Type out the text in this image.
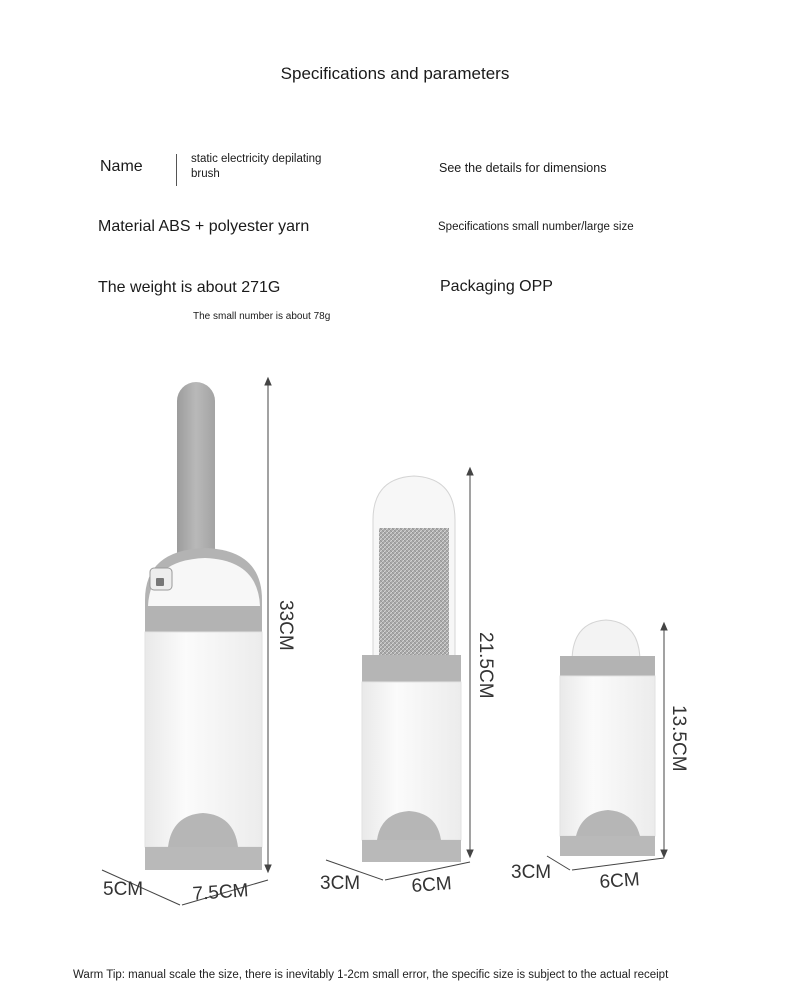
Specifications and parameters
Name	static electricity depilating brush	See the details for dimensions
Material ABS + polyester yarn	Specifications small number/large size
The weight is about 271G	Packaging OPP
The small number is about 78g
33CM
5CM	7.5CM
21.5CM
3CM	6CM
13.5CM
3CM	6CM
Warm Tip: manual scale the size, there is inevitably 1-2cm small error, the specific size is subject to the actual receipt
